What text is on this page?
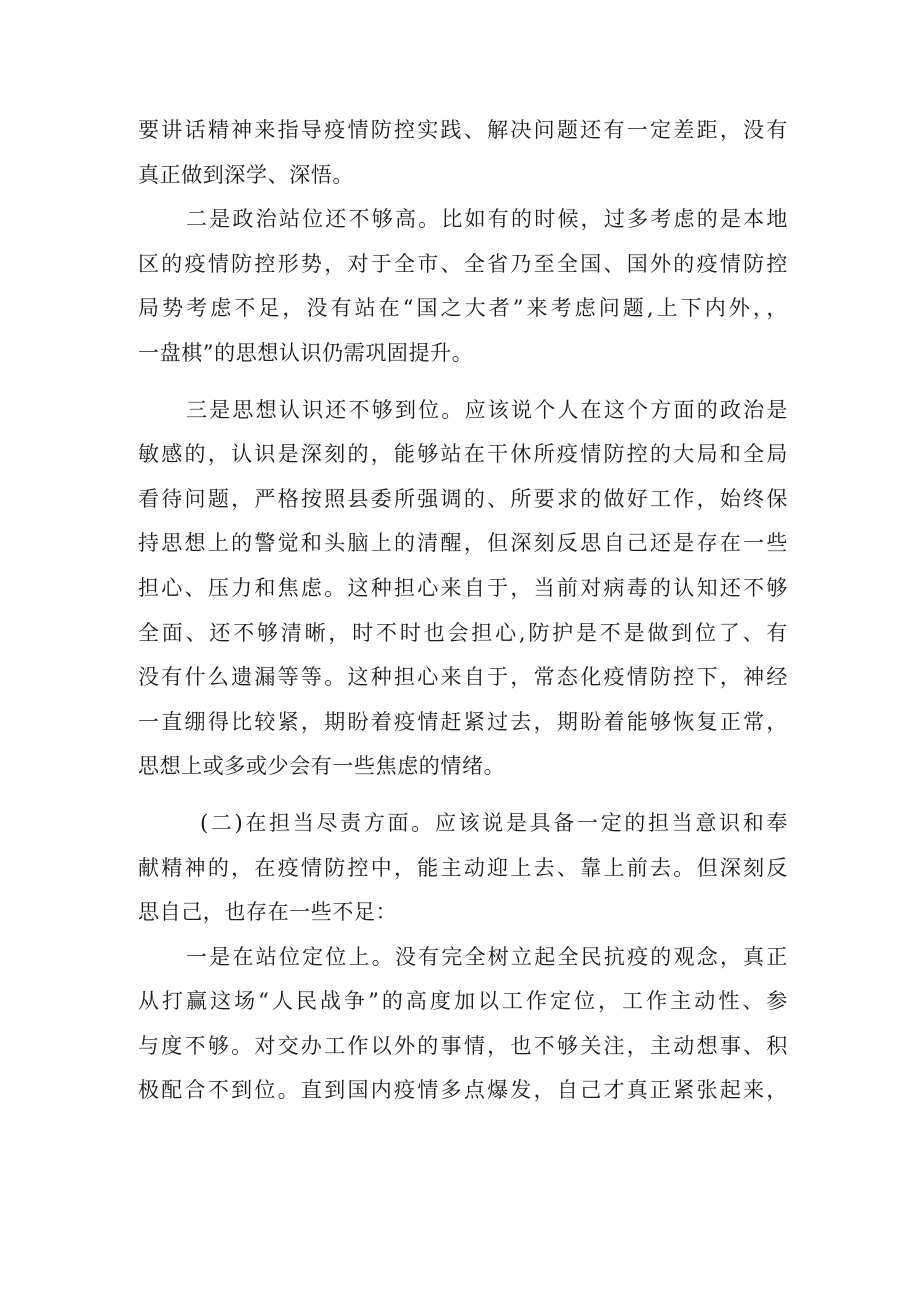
要讲话精神来指导疫情防控实践、解决问题还有一定差距，没有
真正做到深学、深悟。
二是政治站位还不够高。比如有的时候，过多考虑的是本地
区的疫情防控形势，对于全市、全省乃至全国、国外的疫情防控
局势考虑不足，没有站在“国之大者”来考虑问题,上下内外，，
一盘棋”的思想认识仍需巩固提升。
三是思想认识还不够到位。应该说个人在这个方面的政治是
敏感的，认识是深刻的，能够站在干休所疫情防控的大局和全局
看待问题，严格按照县委所强调的、所要求的做好工作，始终保
持思想上的警觉和头脑上的清醒，但深刻反思自己还是存在一些
担心、压力和焦虑。这种担心来自于，当前对病毒的认知还不够
全面、还不够清晰，时不时也会担心,防护是不是做到位了、有
没有什么遗漏等等。这种担心来自于，常态化疫情防控下，神经
一直绷得比较紧，期盼着疫情赶紧过去，期盼着能够恢复正常，
思想上或多或少会有一些焦虑的情绪。
(二)在担当尽责方面。应该说是具备一定的担当意识和奉
献精神的，在疫情防控中，能主动迎上去、靠上前去。但深刻反
思自己，也存在一些不足：
一是在站位定位上。没有完全树立起全民抗疫的观念，真正
从打赢这场“人民战争”的高度加以工作定位，工作主动性、参
与度不够。对交办工作以外的事情，也不够关注，主动想事、积
极配合不到位。直到国内疫情多点爆发，自己才真正紧张起来，
